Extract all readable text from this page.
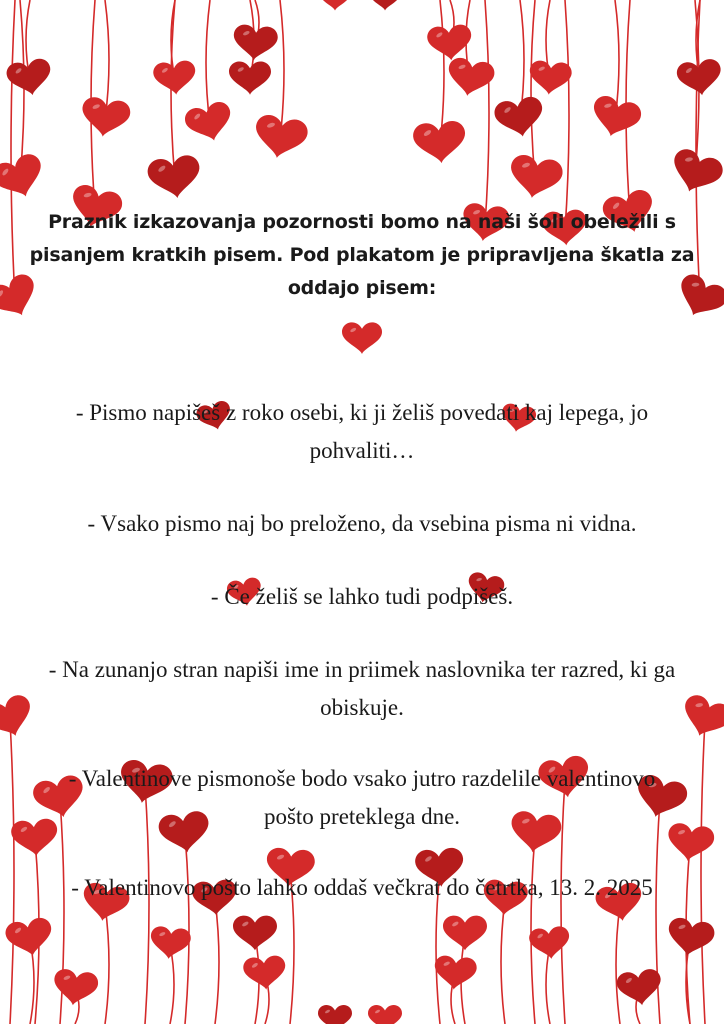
Praznik izkazovanja pozornosti bomo na naši šoli obeležili s
pisanjem kratkih pisem. Pod plakatom je pripravljena škatla za
oddajo pisem:
- Pismo napišeš z roko osebi, ki ji želiš povedati kaj lepega, jo
pohvaliti…
- Vsako pismo naj bo preloženo, da vsebina pisma ni vidna.
- Če želiš se lahko tudi podpišeš.
- Na zunanjo stran napiši ime in priimek naslovnika ter razred, ki ga
obiskuje.
- Valentinove pismonoše bodo vsako jutro razdelile valentinovo
pošto preteklega dne.
- Valentinovo pošto lahko oddaš večkrat do četrtka, 13. 2. 2025
